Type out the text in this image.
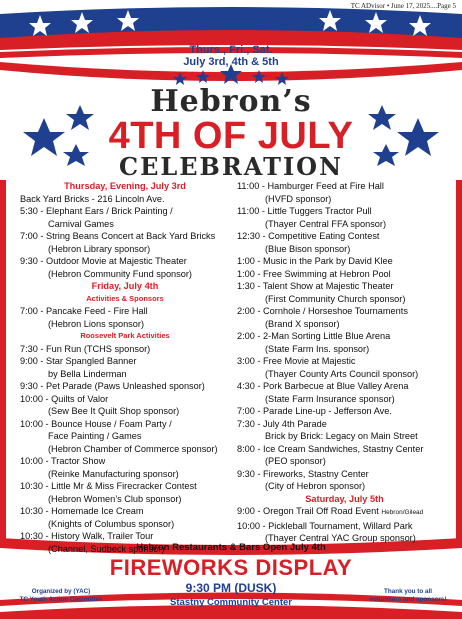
TC ADvisor • June 17, 2025....Page 5
Thurs., Fri., Sat.
July 3rd, 4th & 5th
Hebron’s
4TH OF JULY
CELEBRATION
Thursday, Evening, July 3rd
Back Yard Bricks - 216 Lincoln Ave.
5:30 - Elephant Ears / Brick Painting /
Carnival Games
7:00 - String Beans Concert at Back Yard Bricks
(Hebron Library sponsor)
9:30 - Outdoor Movie at Majestic Theater
(Hebron Community Fund sponsor)
Friday, July 4th
Activities & Sponsors
7:00 - Pancake Feed - Fire Hall
(Hebron Lions sponsor)
Roosevelt Park Activities
7:30 - Fun Run (TCHS sponsor)
9:00 - Star Spangled Banner
by Bella Linderman
9:30 - Pet Parade (Paws Unleashed sponsor)
10:00 - Quilts of Valor
(Sew Bee It Quilt Shop sponsor)
10:00 - Bounce House / Foam Party /
Face Painting / Games
(Hebron Chamber of Commerce sponsor)
10:00 - Tractor Show
(Reinke Manufacturing sponsor)
10:30 - Little Mr & Miss Firecracker Contest
(Hebron Women’s Club sponsor)
10:30 - Homemade Ice Cream
(Knights of Columbus sponsor)
10:30 - History Walk, Trailer Tour
(Channel, Sudbeck sponsor)
11:00 - Hamburger Feed at Fire Hall
(HVFD sponsor)
11:00 - Little Tuggers Tractor Pull
(Thayer Central FFA sponsor)
12:30 - Competitive Eating Contest
(Blue Bison sponsor)
1:00 - Music in the Park by David Klee
1:00 - Free Swimming at Hebron Pool
1:30 - Talent Show at Majestic Theater
(First Community Church sponsor)
2:00 - Cornhole / Horseshoe Tournaments
(Brand X sponsor)
2:00 - 2-Man Sorting Little Blue Arena
(State Farm Ins. sponsor)
3:00 - Free Movie at Majestic
(Thayer County Arts Council sponsor)
4:30 - Pork Barbecue at Blue Valley Arena
(State Farm Insurance sponsor)
7:00 - Parade Line-up - Jefferson Ave.
7:30 - July 4th Parade
Brick by Brick: Legacy on Main Street
8:00 - Ice Cream Sandwiches, Stastny Center
(PEO sponsor)
9:30 - Fireworks, Stastny Center
(City of Hebron sponsor)
Saturday, July 5th
9:00 - Oregon Trail Off Road Event Hebron/Gilead
10:00 - Pickleball Tournament, Willard Park
(Thayer Central YAC Group sponsor)
Hebron Restaurants & Bars Open July 4th
FIREWORKS DISPLAY
9:30 PM (DUSK)
Stastny Community Center
Organized by (YAC)
TC Youth Action Committee
Thank you to all
volunteers and sponsors!
